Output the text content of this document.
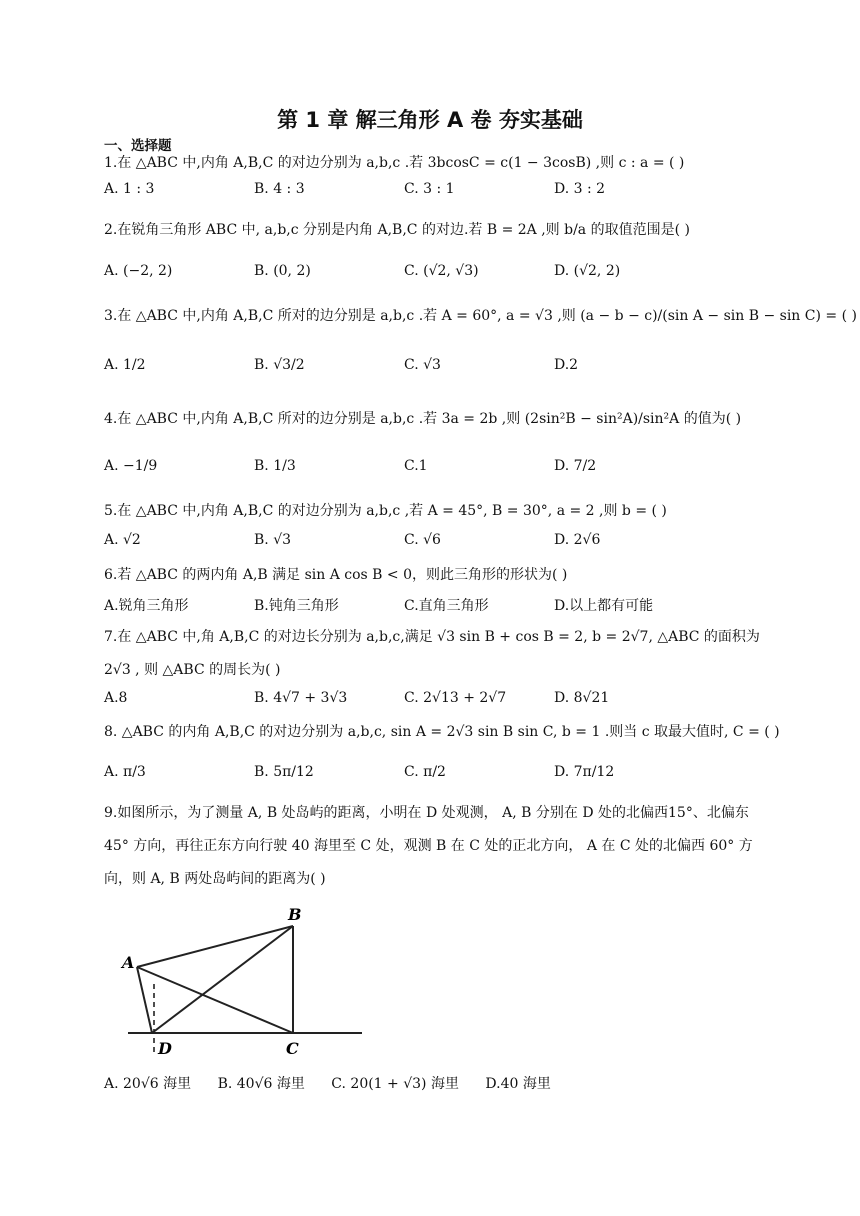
第 1 章 解三角形 A 卷 夯实基础
一、选择题
1.在 △ABC 中,内角 A,B,C 的对边分别为 a,b,c .若 3bcosC = c(1 − 3cosB) ,则 c : a = ( )
A. 1 : 3	B. 4 : 3	C. 3 : 1	D. 3 : 2
2.在锐角三角形 ABC 中, a,b,c 分别是内角 A,B,C 的对边.若 B = 2A ,则 b/a 的取值范围是( )
A. (−2, 2)	B. (0, 2)	C. (√2, √3)	D. (√2, 2)
3.在 △ABC 中,内角 A,B,C 所对的边分别是 a,b,c .若 A = 60°, a = √3 ,则 (a − b − c)/(sin A − sin B − sin C) = ( )
A. 1/2	B. √3/2	C. √3	D.2
4.在 △ABC 中,内角 A,B,C 所对的边分别是 a,b,c .若 3a = 2b ,则 (2sin²B − sin²A)/sin²A 的值为( )
A. −1/9	B. 1/3	C.1	D. 7/2
5.在 △ABC 中,内角 A,B,C 的对边分别为 a,b,c ,若 A = 45°, B = 30°, a = 2 ,则 b = ( )
A. √2	B. √3	C. √6	D. 2√6
6.若 △ABC 的两内角 A,B 满足 sin A cos B < 0，则此三角形的形状为( )
A.锐角三角形	B.钝角三角形	C.直角三角形	D.以上都有可能
7.在 △ABC 中,角 A,B,C 的对边长分别为 a,b,c,满足 √3 sin B + cos B = 2, b = 2√7, △ABC 的面积为 2√3 , 则 △ABC 的周长为( )
A.8	B. 4√7 + 3√3	C. 2√13 + 2√7	D. 8√21
8. △ABC 的内角 A,B,C 的对边分别为 a,b,c, sin A = 2√3 sin B sin C, b = 1 .则当 c 取最大值时, C = ( )
A. π/3	B. 5π/12	C. π/2	D. 7π/12
9.如图所示，为了测量 A, B 处岛屿的距离，小明在 D 处观测， A, B 分别在 D 处的北偏西15°、北偏东 45° 方向，再往正东方向行驶 40 海里至 C 处，观测 B 在 C 处的正北方向， A 在 C 处的北偏西 60° 方向，则 A, B 两处岛屿间的距离为( )
A
B
C
D
A. 20√6 海里 B. 40√6 海里 C. 20(1 + √3) 海里 D.40 海里
